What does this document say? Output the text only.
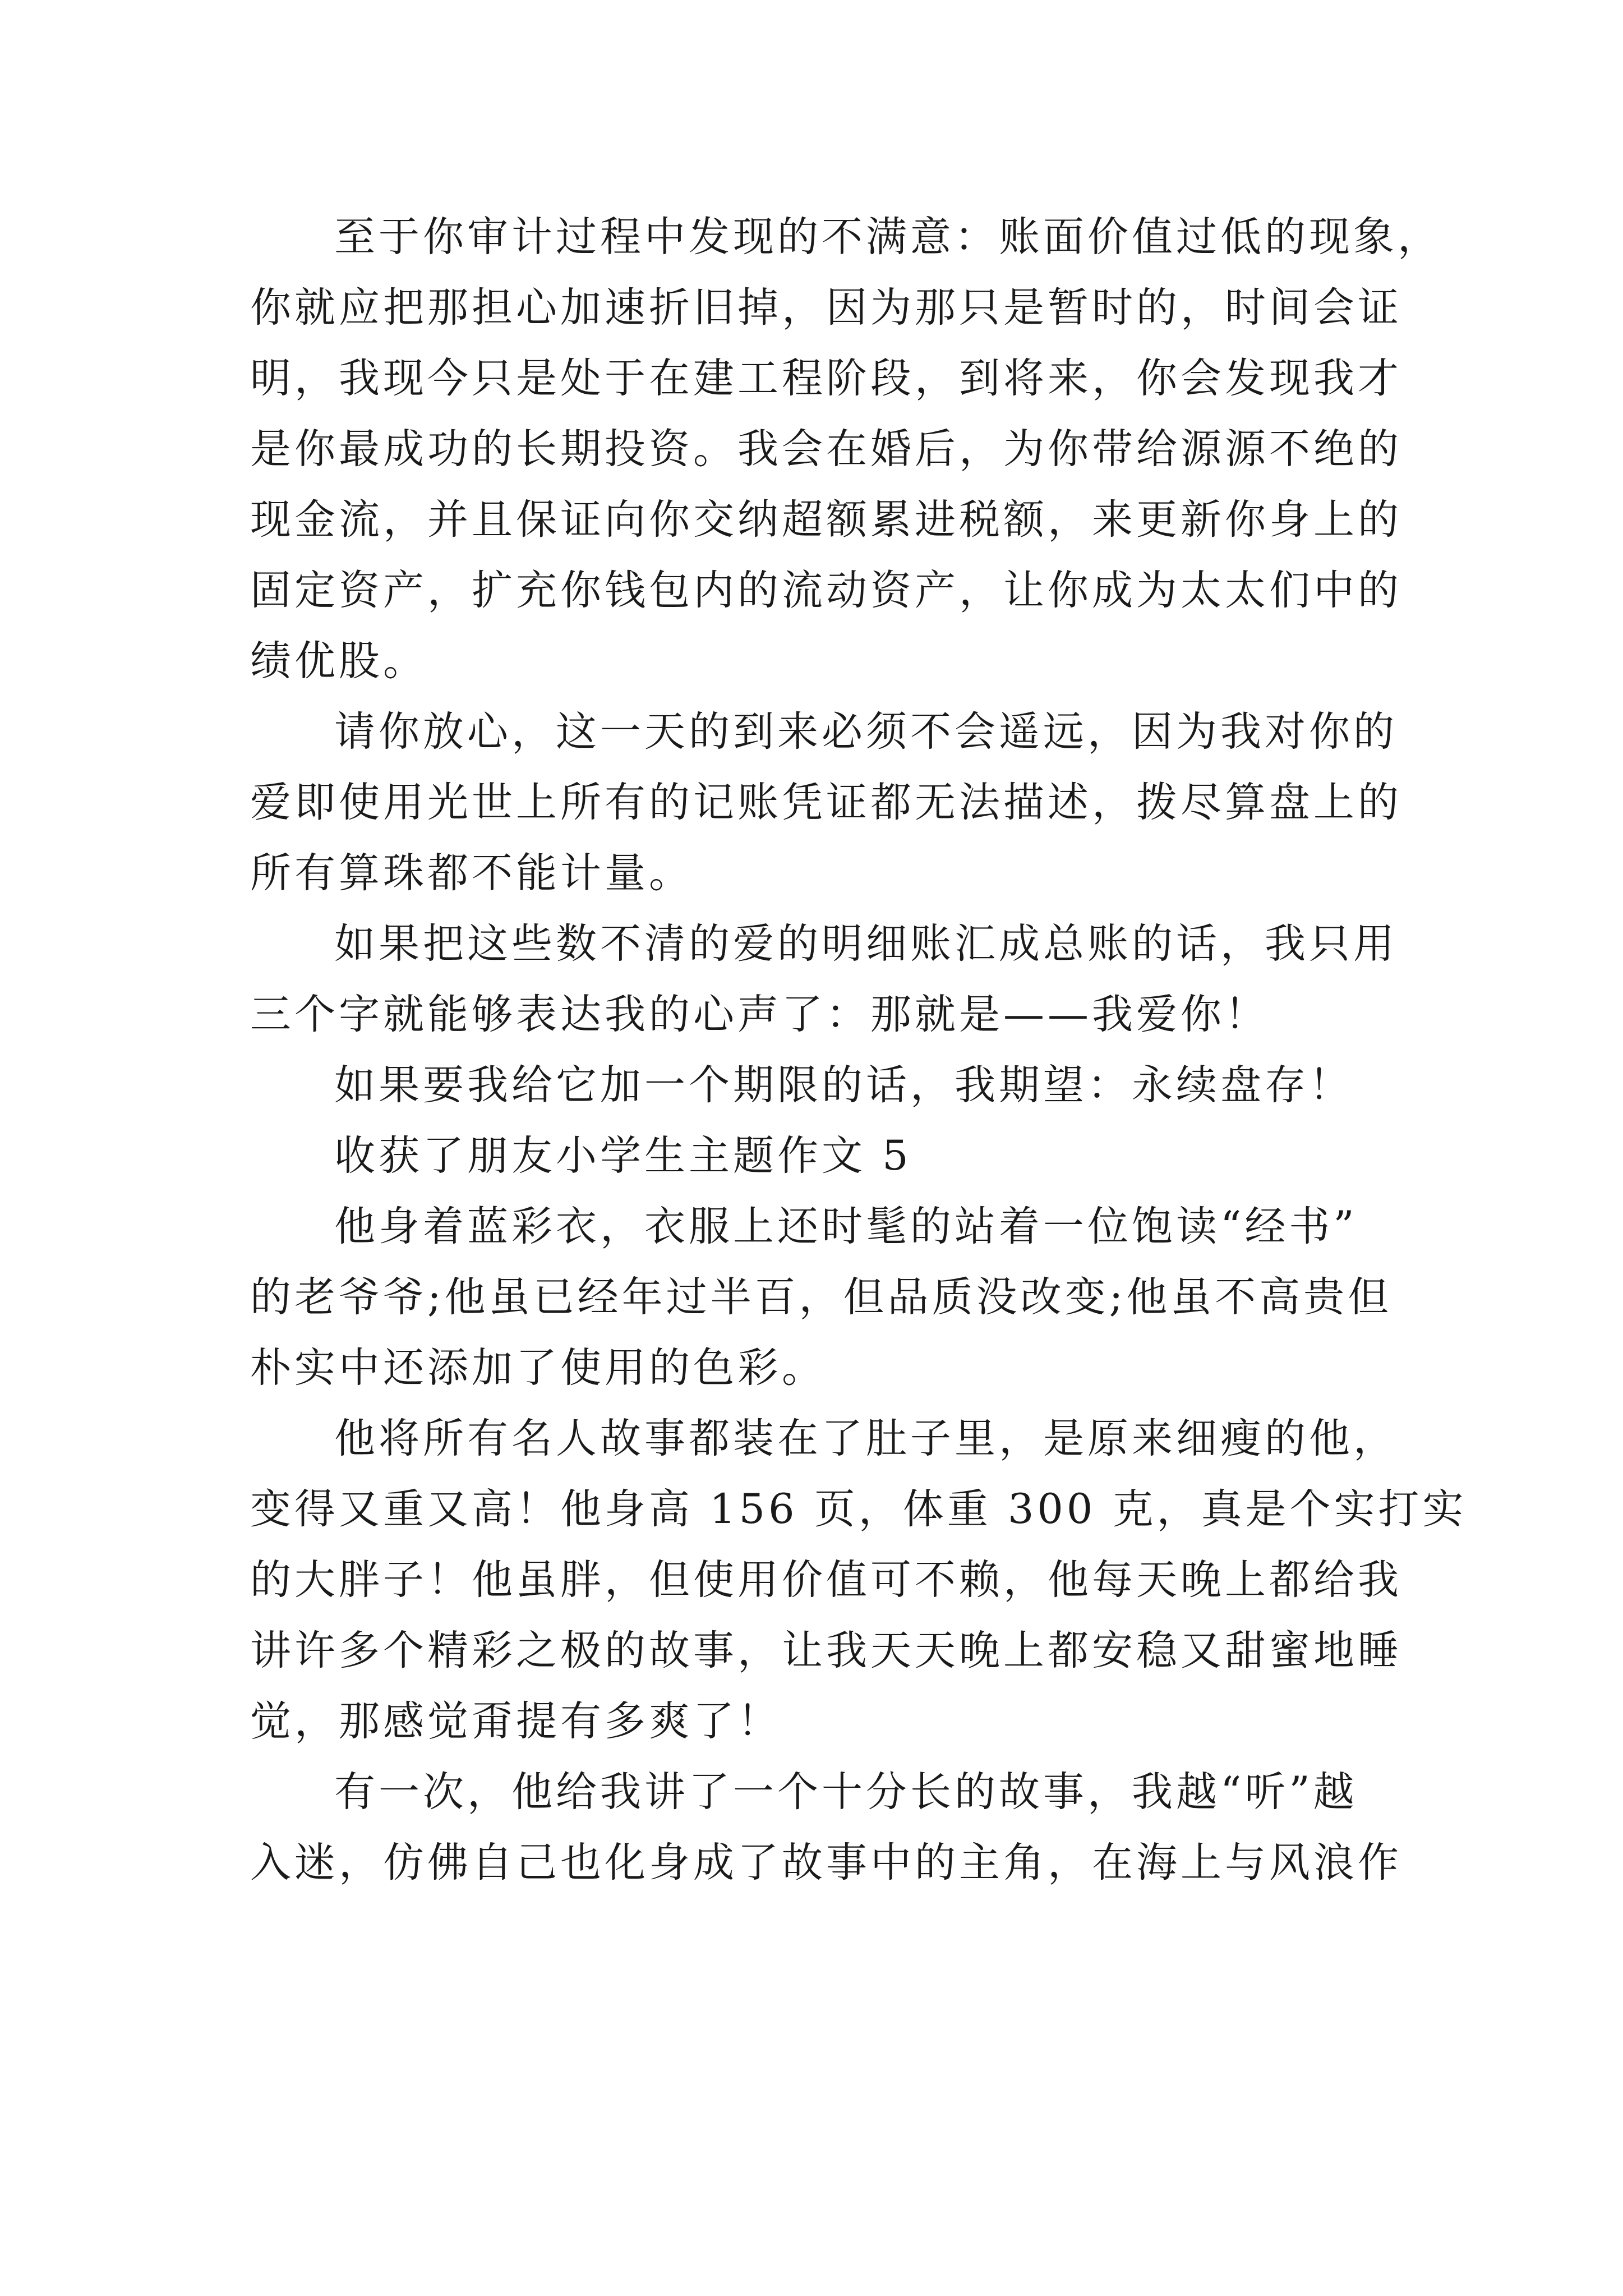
至于你审计过程中发现的不满意：账面价值过低的现象，
你就应把那担心加速折旧掉，因为那只是暂时的，时间会证
明，我现今只是处于在建工程阶段，到将来，你会发现我才
是你最成功的长期投资。我会在婚后，为你带给源源不绝的
现金流，并且保证向你交纳超额累进税额，来更新你身上的
固定资产，扩充你钱包内的流动资产，让你成为太太们中的
绩优股。
请你放心，这一天的到来必须不会遥远，因为我对你的
爱即使用光世上所有的记账凭证都无法描述，拨尽算盘上的
所有算珠都不能计量。
如果把这些数不清的爱的明细账汇成总账的话，我只用
三个字就能够表达我的心声了：那就是——我爱你！
如果要我给它加一个期限的话，我期望：永续盘存！
收获了朋友小学生主题作文 5
他身着蓝彩衣，衣服上还时髦的站着一位饱读“经书”
的老爷爷;他虽已经年过半百，但品质没改变;他虽不高贵但
朴实中还添加了使用的色彩。
他将所有名人故事都装在了肚子里，是原来细瘦的他，
变得又重又高！他身高 156 页，体重 300 克，真是个实打实
的大胖子！他虽胖，但使用价值可不赖，他每天晚上都给我
讲许多个精彩之极的故事，让我天天晚上都安稳又甜蜜地睡
觉，那感觉甭提有多爽了！
有一次，他给我讲了一个十分长的故事，我越“听”越
入迷，仿佛自己也化身成了故事中的主角，在海上与风浪作
